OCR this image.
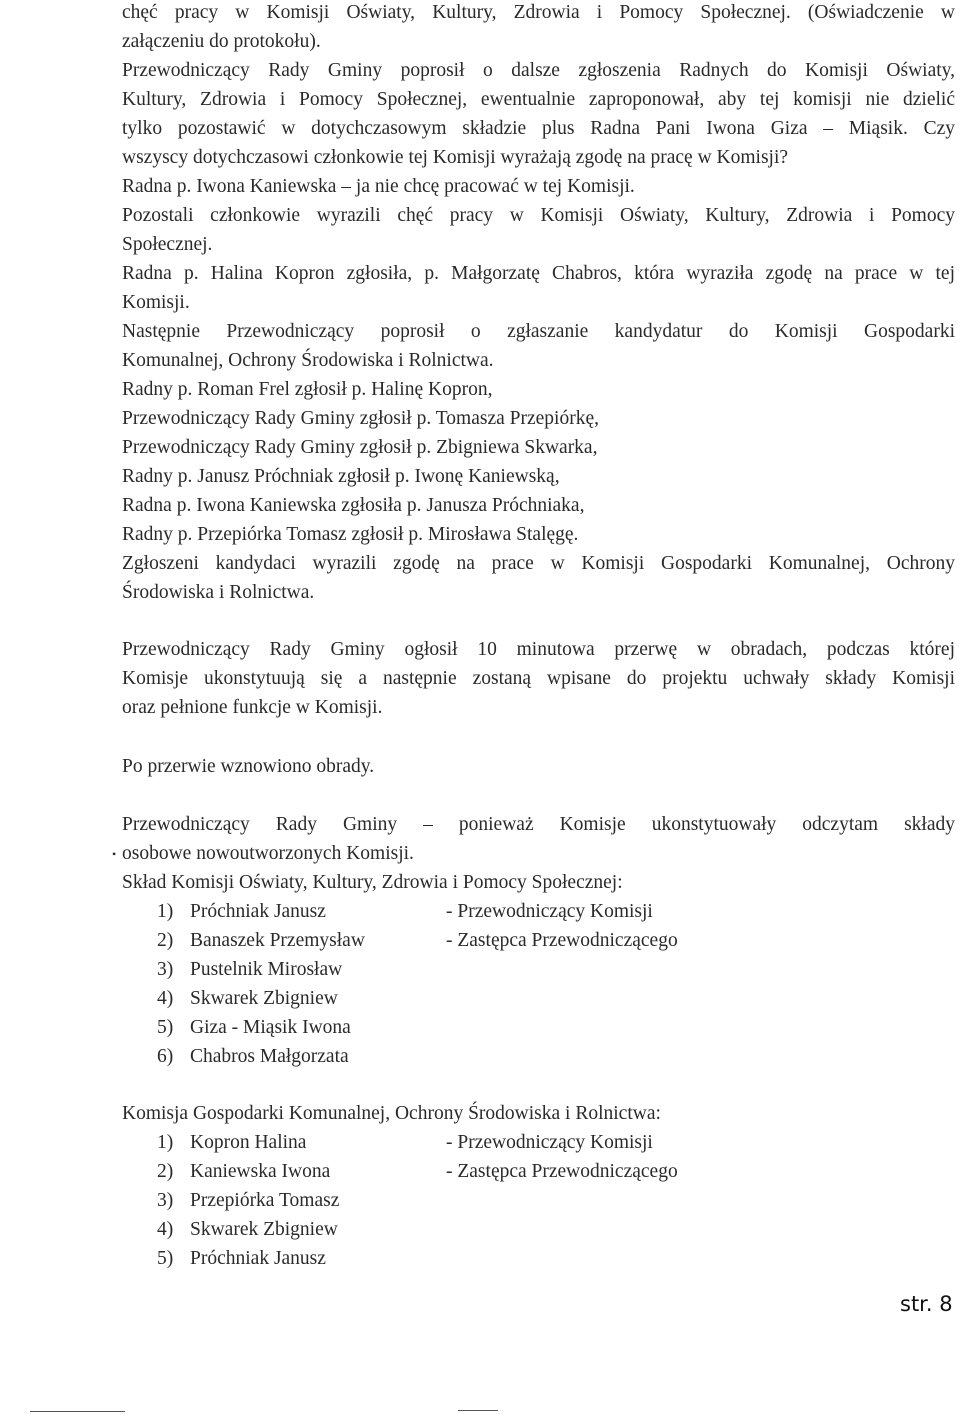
chęć pracy w Komisji Oświaty, Kultury, Zdrowia i Pomocy Społecznej. (Oświadczenie w
załączeniu do protokołu).
Przewodniczący Rady Gminy poprosił o dalsze zgłoszenia Radnych do Komisji Oświaty,
Kultury, Zdrowia i Pomocy Społecznej, ewentualnie zaproponował, aby tej komisji nie dzielić
tylko pozostawić w dotychczasowym składzie plus Radna Pani Iwona Giza – Miąsik. Czy
wszyscy dotychczasowi członkowie tej Komisji wyrażają zgodę na pracę w Komisji?
Radna p. Iwona Kaniewska – ja nie chcę pracować w tej Komisji.
Pozostali członkowie wyrazili chęć pracy w Komisji Oświaty, Kultury, Zdrowia i Pomocy
Społecznej.
Radna p. Halina Kopron zgłosiła, p. Małgorzatę Chabros, która wyraziła zgodę na prace w tej
Komisji.
Następnie Przewodniczący poprosił o zgłaszanie kandydatur do Komisji Gospodarki
Komunalnej, Ochrony Środowiska i Rolnictwa.
Radny p. Roman Frel zgłosił p. Halinę Kopron,
Przewodniczący Rady Gminy zgłosił p. Tomasza Przepiórkę,
Przewodniczący Rady Gminy zgłosił p. Zbigniewa Skwarka,
Radny p. Janusz Próchniak zgłosił p. Iwonę Kaniewską,
Radna p. Iwona Kaniewska zgłosiła p. Janusza Próchniaka,
Radny p. Przepiórka Tomasz zgłosił p. Mirosława Stalęgę.
Zgłoszeni kandydaci wyrazili zgodę na prace w Komisji Gospodarki Komunalnej, Ochrony
Środowiska i Rolnictwa.
Przewodniczący Rady Gminy ogłosił 10 minutowa przerwę w obradach, podczas której
Komisje ukonstytuują się a następnie zostaną wpisane do projektu uchwały składy Komisji
oraz pełnione funkcje w Komisji.
Po przerwie wznowiono obrady.
Przewodniczący Rady Gminy – ponieważ Komisje ukonstytuowały odczytam składy
• osobowe nowoutworzonych Komisji.
Skład Komisji Oświaty, Kultury, Zdrowia i Pomocy Społecznej:
1) Próchniak Janusz	- Przewodniczący Komisji
2) Banaszek Przemysław	- Zastępca Przewodniczącego
3) Pustelnik Mirosław
4) Skwarek Zbigniew
5) Giza - Miąsik Iwona
6) Chabros Małgorzata
Komisja Gospodarki Komunalnej, Ochrony Środowiska i Rolnictwa:
1) Kopron Halina	- Przewodniczący Komisji
2) Kaniewska Iwona	- Zastępca Przewodniczącego
3) Przepiórka Tomasz
4) Skwarek Zbigniew
5) Próchniak Janusz
str. 8
